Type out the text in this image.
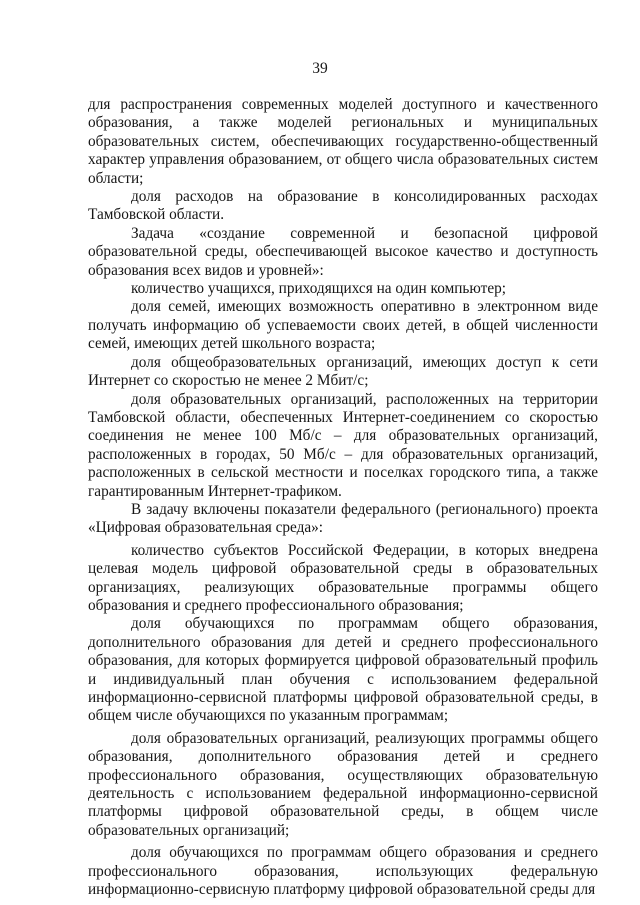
39

для распространения современных моделей доступного и качественного образования, а также моделей региональных и муниципальных образовательных систем, обеспечивающих государственно-общественный характер управления образованием, от общего числа образовательных систем области;

доля расходов на образование в консолидированных расходах Тамбовской области.

Задача «создание современной и безопасной цифровой образовательной среды, обеспечивающей высокое качество и доступность образования всех видов и уровней»:

количество учащихся, приходящихся на один компьютер;

доля семей, имеющих возможность оперативно в электронном виде получать информацию об успеваемости своих детей, в общей численности семей, имеющих детей школьного возраста;

доля общеобразовательных организаций, имеющих доступ к сети Интернет со скоростью не менее 2 Мбит/с;

доля образовательных организаций, расположенных на территории Тамбовской области, обеспеченных Интернет-соединением со скоростью соединения не менее 100 Мб/с – для образовательных организаций, расположенных в городах, 50 Мб/с – для образовательных организаций, расположенных в сельской местности и поселках городского типа, а также гарантированным Интернет-трафиком.

В задачу включены показатели федерального (регионального) проекта «Цифровая образовательная среда»:

количество субъектов Российской Федерации, в которых внедрена целевая модель цифровой образовательной среды в образовательных организациях, реализующих образовательные программы общего образования и среднего профессионального образования;

доля обучающихся по программам общего образования, дополнительного образования для детей и среднего профессионального образования, для которых формируется цифровой образовательный профиль и индивидуальный план обучения с использованием федеральной информационно-сервисной платформы цифровой образовательной среды, в общем числе обучающихся по указанным программам;

доля образовательных организаций, реализующих программы общего образования, дополнительного образования детей и среднего профессионального образования, осуществляющих образовательную деятельность с использованием федеральной информационно-сервисной платформы цифровой образовательной среды, в общем числе образовательных организаций;

доля обучающихся по программам общего образования и среднего профессионального образования, использующих федеральную информационно-сервисную платформу цифровой образовательной среды для
